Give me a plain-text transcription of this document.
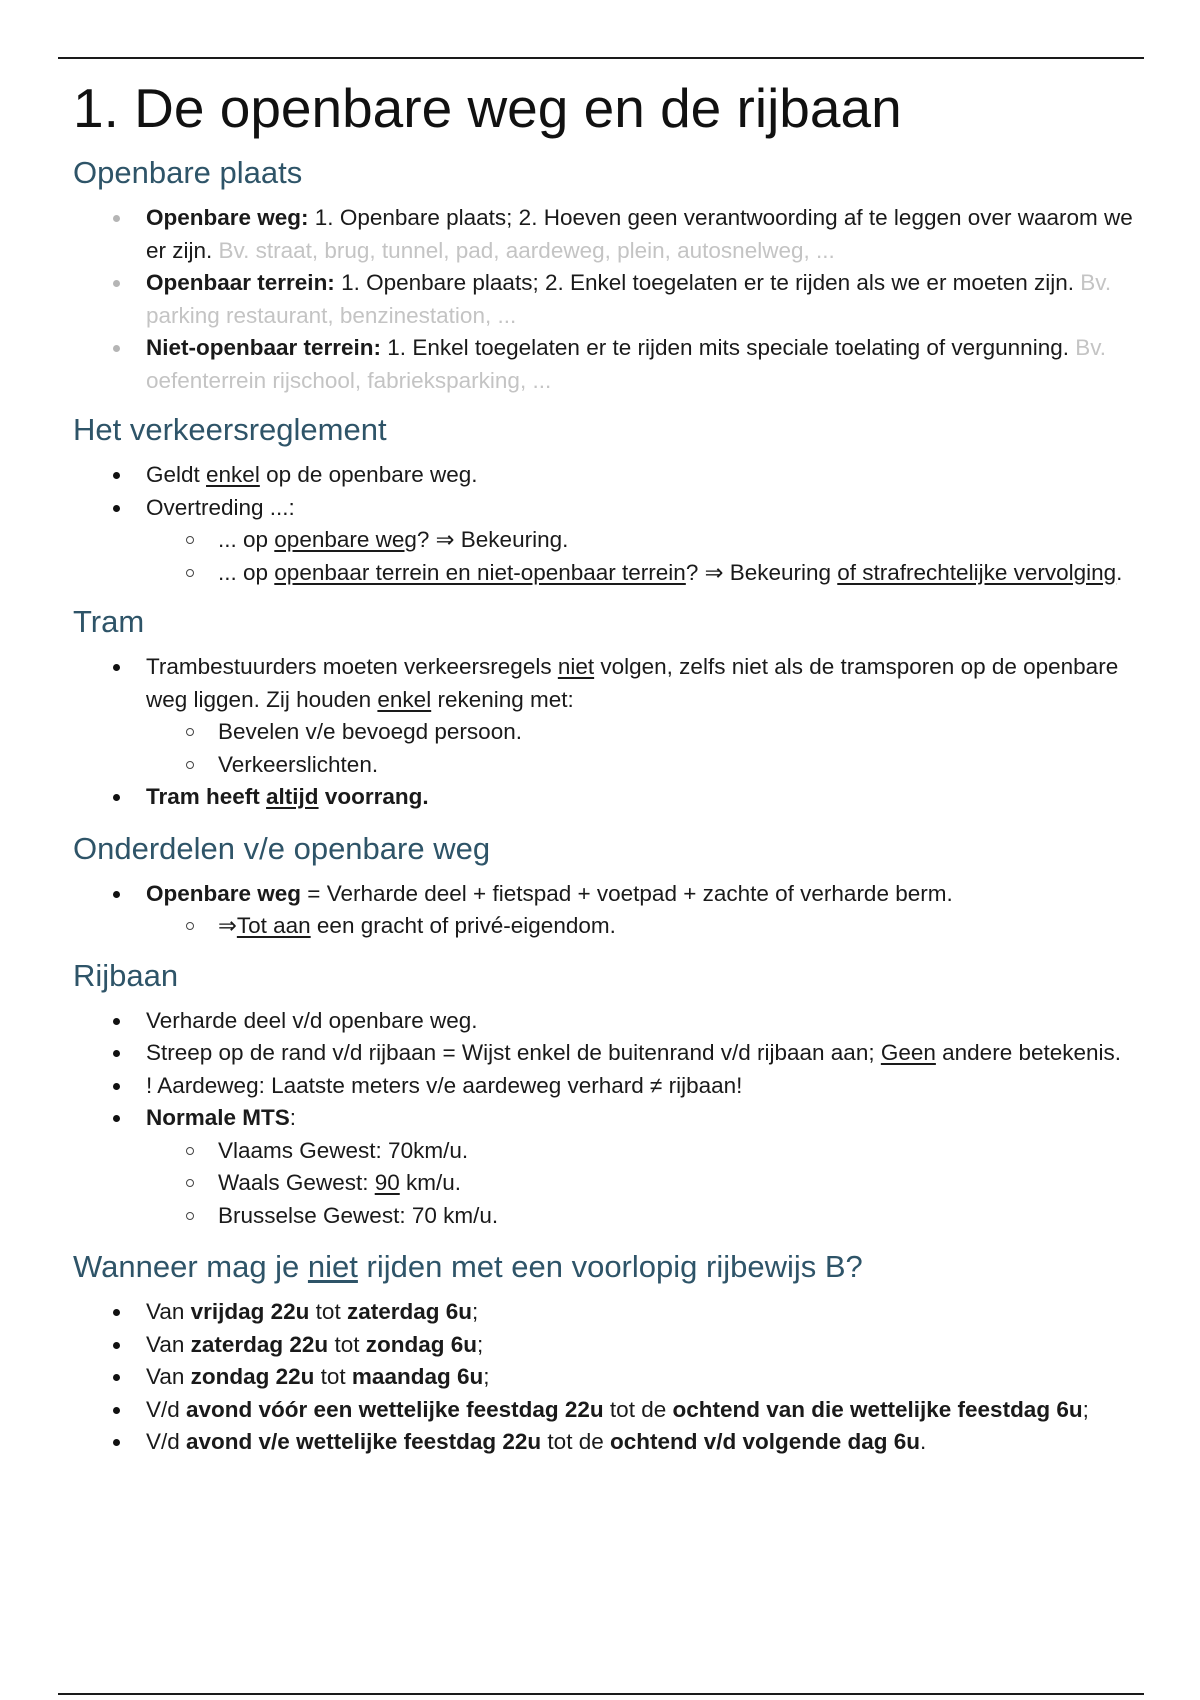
1. De openbare weg en de rijbaan
Openbare plaats
Openbare weg: 1. Openbare plaats; 2. Hoeven geen verantwoording af te leggen over waarom we er zijn. Bv. straat, brug, tunnel, pad, aardeweg, plein, autosnelweg, ...
Openbaar terrein: 1. Openbare plaats; 2. Enkel toegelaten er te rijden als we er moeten zijn. Bv. parking restaurant, benzinestation, ...
Niet-openbaar terrein: 1. Enkel toegelaten er te rijden mits speciale toelating of vergunning. Bv. oefenterrein rijschool, fabrieksparking, ...
Het verkeersreglement
Geldt enkel op de openbare weg.
Overtreding ...:
... op openbare weg? ⇒ Bekeuring.
... op openbaar terrein en niet-openbaar terrein? ⇒ Bekeuring of strafrechtelijke vervolging.
Tram
Trambestuurders moeten verkeersregels niet volgen, zelfs niet als de tramsporen op de openbare weg liggen. Zij houden enkel rekening met:
Bevelen v/e bevoegd persoon.
Verkeerslichten.
Tram heeft altijd voorrang.
Onderdelen v/e openbare weg
Openbare weg = Verharde deel + fietspad + voetpad + zachte of verharde berm.
⇒Tot aan een gracht of privé-eigendom.
Rijbaan
Verharde deel v/d openbare weg.
Streep op de rand v/d rijbaan = Wijst enkel de buitenrand v/d rijbaan aan; Geen andere betekenis.
! Aardeweg: Laatste meters v/e aardeweg verhard ≠ rijbaan!
Normale MTS:
Vlaams Gewest: 70km/u.
Waals Gewest: 90 km/u.
Brusselse Gewest: 70 km/u.
Wanneer mag je niet rijden met een voorlopig rijbewijs B?
Van vrijdag 22u tot zaterdag 6u;
Van zaterdag 22u tot zondag 6u;
Van zondag 22u tot maandag 6u;
V/d avond vóór een wettelijke feestdag 22u tot de ochtend van die wettelijke feestdag 6u;
V/d avond v/e wettelijke feestdag 22u tot de ochtend v/d volgende dag 6u.
